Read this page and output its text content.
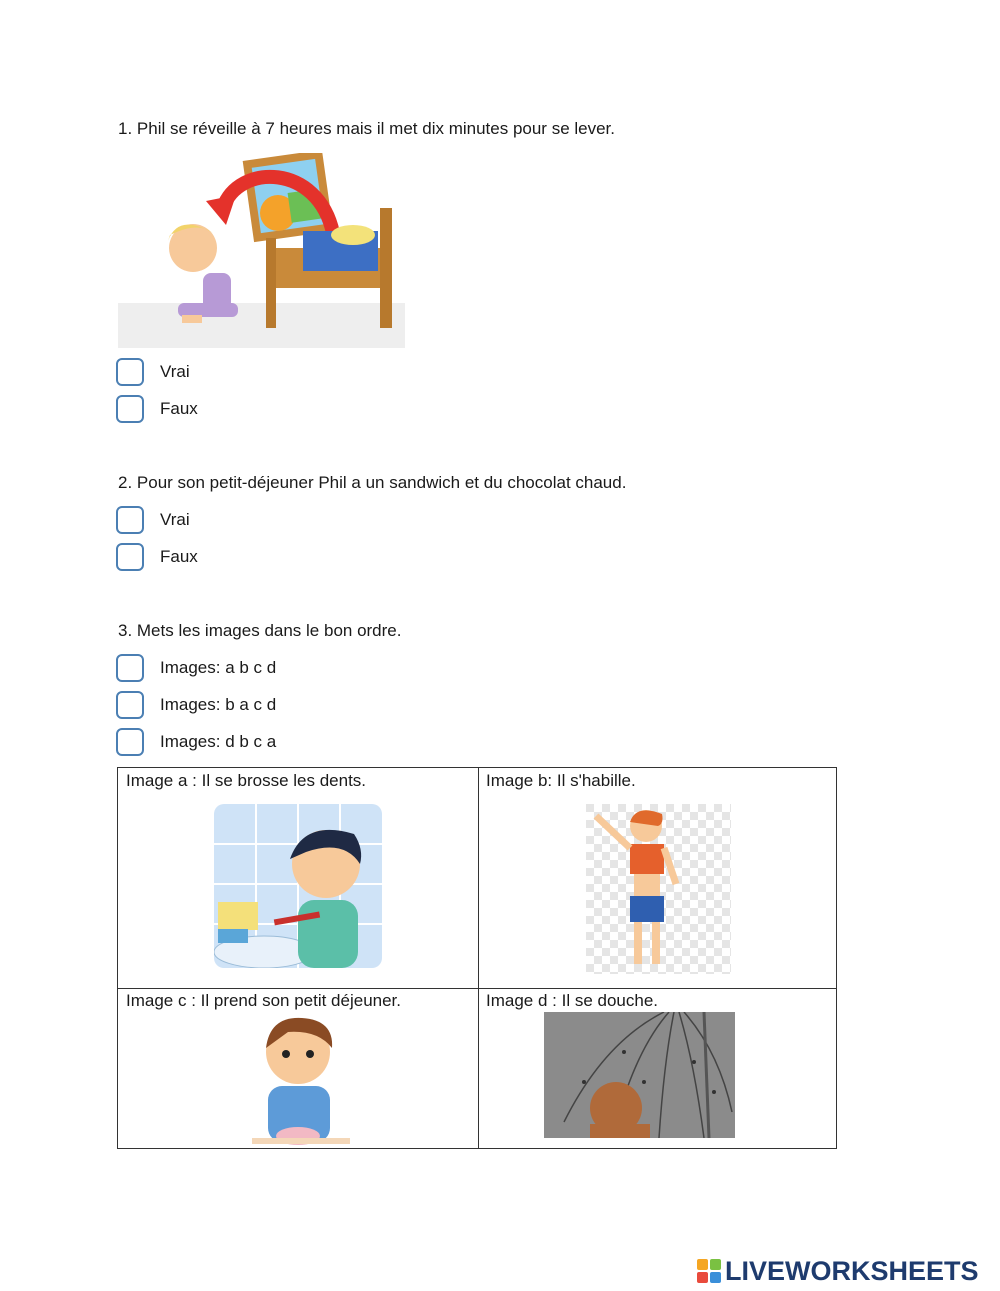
1. Phil se réveille à 7 heures mais il met dix minutes pour se lever.
Vrai
Faux
2. Pour son petit-déjeuner Phil a un sandwich et du chocolat chaud.
Vrai
Faux
3. Mets les images dans le bon ordre.
Images: a b c d
Images: b a c d
Images: d b c a
Image a : Il se brosse les dents.	Image b: Il s'habille.
Image c : Il prend son petit déjeuner.	Image d : Il se douche.
LIVEWORKSHEETS
